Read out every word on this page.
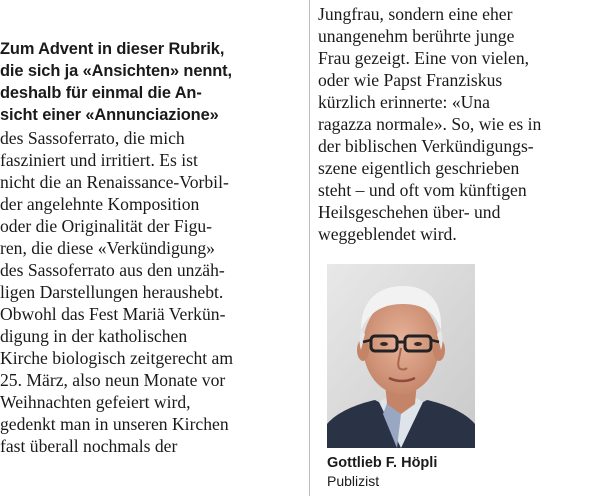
Zum Advent in dieser Rubrik,
die sich ja «Ansichten» nennt,
deshalb für einmal die An-
sicht einer «Annunciazione»
des Sassoferrato, die mich
fasziniert und irritiert. Es ist
nicht die an Renaissance-Vorbil-
der angelehnte Komposition
oder die Originalität der Figu-
ren, die diese «Verkündigung»
des Sassoferrato aus den unzäh-
ligen Darstellungen heraushebt.
Obwohl das Fest Mariä Verkün-
digung in der katholischen
Kirche biologisch zeitgerecht am
25. März, also neun Monate vor
Weihnachten gefeiert wird,
gedenkt man in unseren Kirchen
fast überall nochmals der
Jungfrau, sondern eine eher
unangenehm berührte junge
Frau gezeigt. Eine von vielen,
oder wie Papst Franziskus
kürzlich erinnerte: «Una
ragazza normale». So, wie es in
der biblischen Verkündigungs-
szene eigentlich geschrieben
steht – und oft vom künftigen
Heilsgeschehen über- und
weggeblendet wird.
Gottlieb F. Höpli
Publizist
